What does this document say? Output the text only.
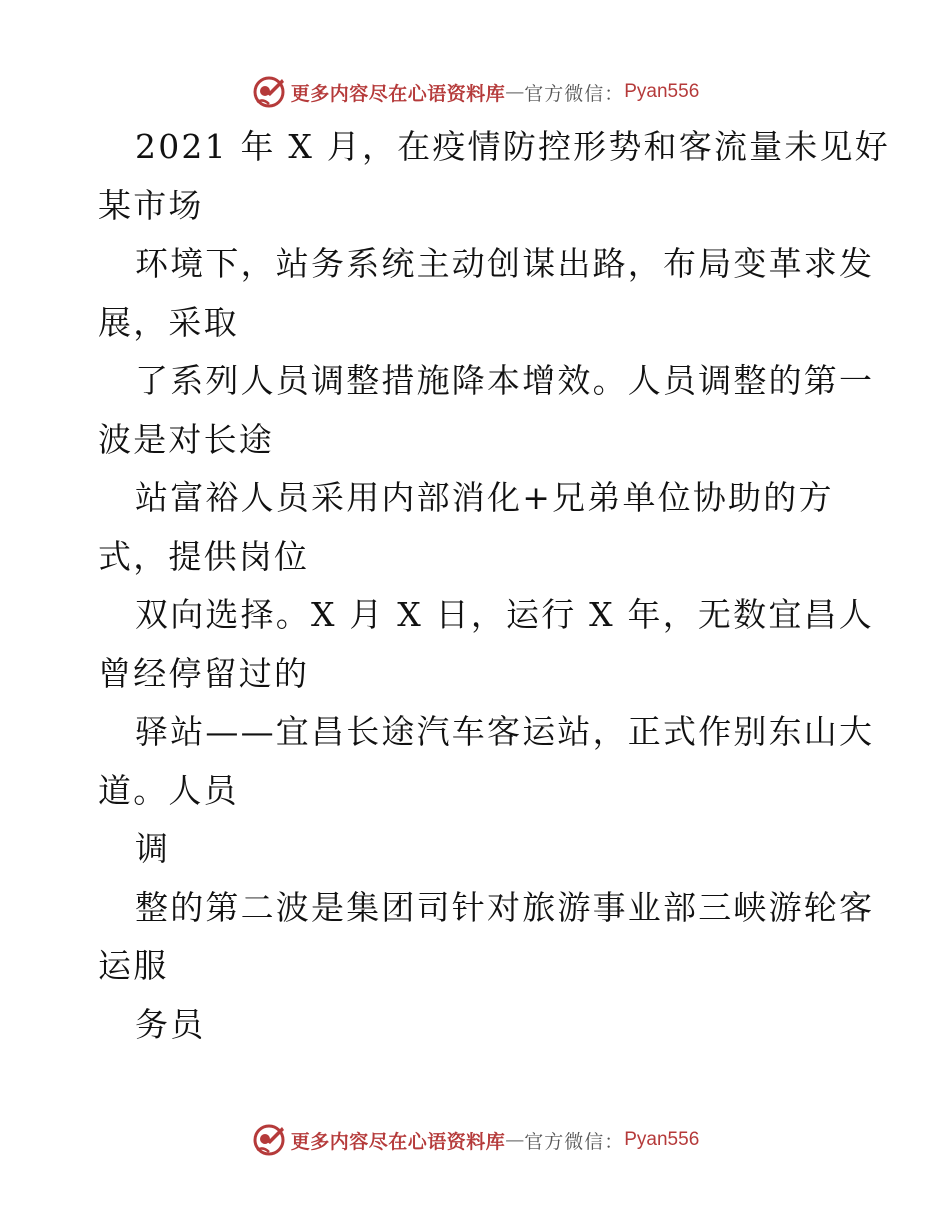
更多内容尽在心语资料库 — 官方微信： Pyan556
2021 年 X 月，在疫情防控形势和客流量未见好
某市场
环境下，站务系统主动创谋出路，布局变革求发
展，采取
了系列人员调整措施降本增效。人员调整的第一
波是对长途
站富裕人员采用内部消化+兄弟单位协助的方
式，提供岗位
双向选择。X 月 X 日，运行 X 年，无数宜昌人
曾经停留过的
驿站——宜昌长途汽车客运站，正式作别东山大
道。人员
调
整的第二波是集团司针对旅游事业部三峡游轮客
运服
务员
更多内容尽在心语资料库 — 官方微信： Pyan556
